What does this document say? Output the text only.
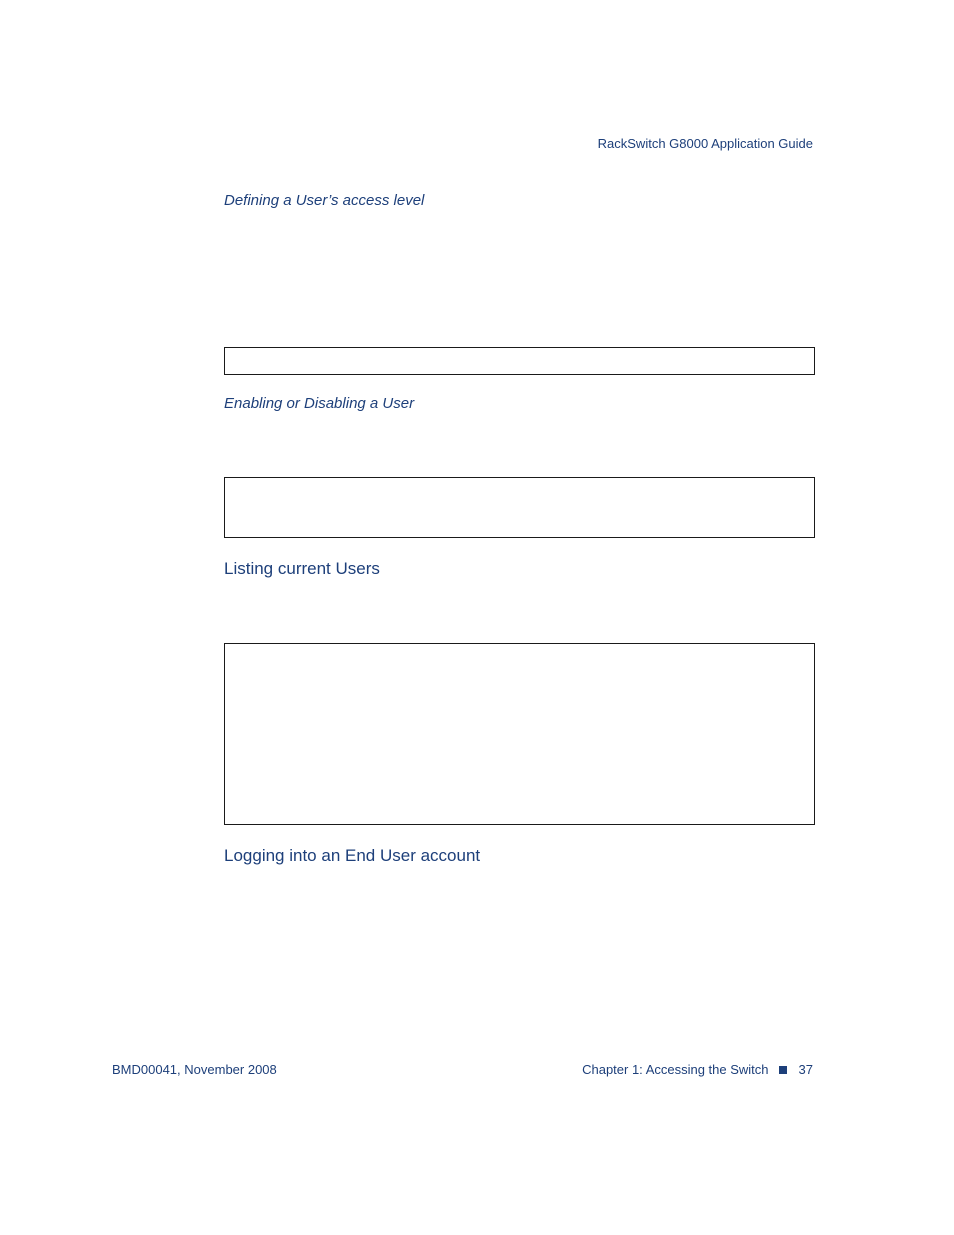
RackSwitch G8000 Application Guide
Defining a User’s access level
Enabling or Disabling a User
Listing current Users
Logging into an End User account
BMD00041, November 2008	Chapter 1: Accessing the Switch 37
